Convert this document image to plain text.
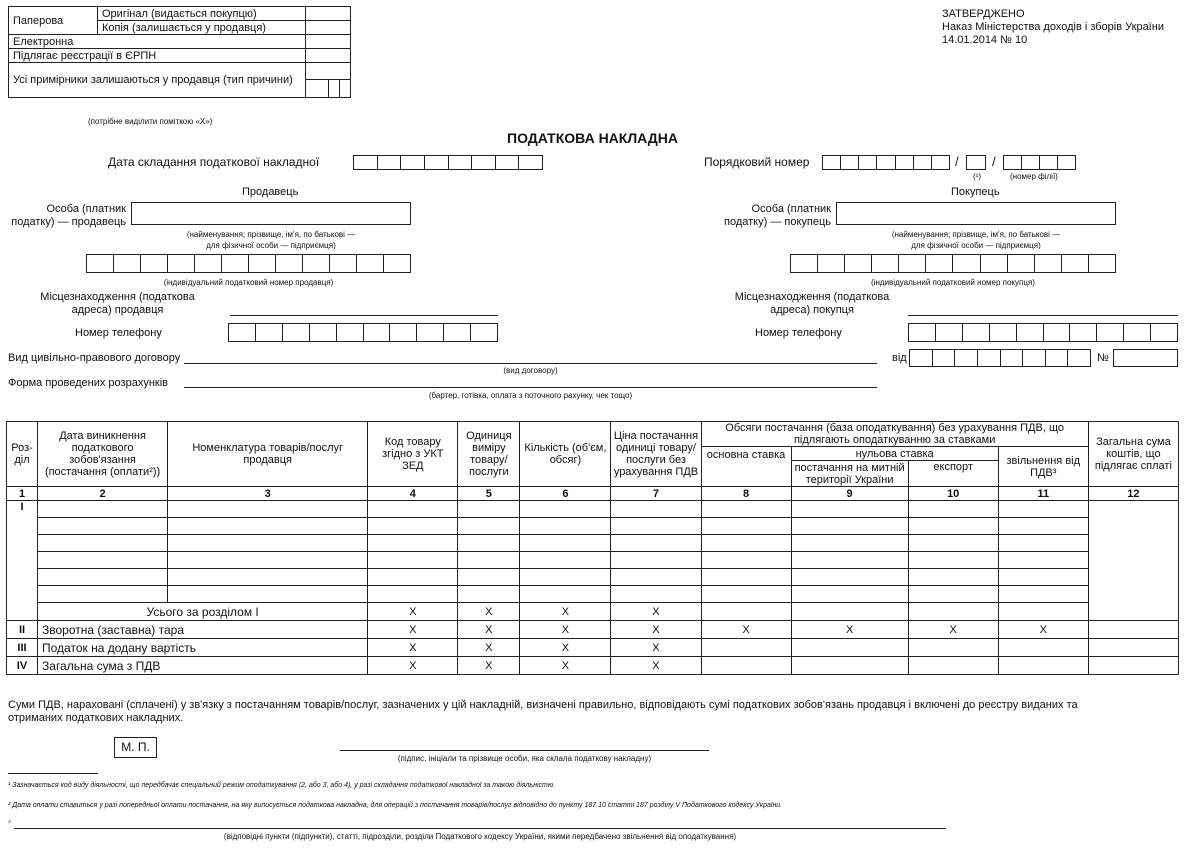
Паперова	Оригінал (видається покупцю)	
	Копія (залишається у продавця)	
Електронна		
Підлягає реєстрації в ЄРПН		
Усі примірники залишаються у продавця (тип причини)		

(потрібне виділити поміткою «Х»)
ЗАТВЕРДЖЕНО
Наказ Міністерства доходів і зборів України
14.01.2014 № 10
ПОДАТКОВА НАКЛАДНА
Дата складання податкової накладної	Порядковий номер	/	/
(¹)	(номер філії)
Продавець
Особа (платник податку) — продавець
(найменування; прізвище, ім'я, по батькові —
для фізичної особи — підприємця)
(індивідуальний податковий номер продавця)
Місцезнаходження (податкова адреса) продавця
Номер телефону
Покупець
Особа (платник податку) — покупець
(найменування; прізвище, ім'я, по батькові —
для фізичної особи — підприємця)
(індивідуальний податковий номер покупця)
Місцезнаходження (податкова адреса) покупця
Номер телефону
Вид цивільно-правового договору
(вид договору)
від	№
Форма проведених розрахунків
(бартер, готівка, оплата з поточного рахунку, чек тощо)
Роз-діл	Дата виникнення податкового зобов'язання (постачання (оплати²))	Номенклатура товарів/послуг продавця	Код товару згідно з УКТ ЗЕД	Одиниця виміру товару/ послуги	Кількість (об'єм, обсяг)	Ціна постачання одиниці товару/ послуги без урахування ПДВ	Обсяги постачання (база оподаткування) без урахування ПДВ, що підлягають оподаткуванню за ставками				Загальна сума коштів, що підлягає сплаті
							основна ставка	нульова ставка		звільнення від ПДВ³	
								постачання на митній території України	експорт		
1	2	3	4	5	6	7	8	9	10	11	12
I											

	Усього за розділом I		X	X	X	X					
II	Зворотна (заставна) тара		X	X	X	X	X	X	X	X	
III	Податок на додану вартість		X	X	X	X					
IV	Загальна сума з ПДВ		X	X	X	X					
Суми ПДВ, нараховані (сплачені) у зв'язку з постачанням товарів/послуг, зазначених у цій накладній, визначені правильно, відповідають сумі податкових зобов'язань продавця і включені до реєстру виданих та отриманих податкових накладних.
М. П.
(підпис, ініціали та прізвище особи, яка склала податкову накладну)
¹ Зазначається код виду діяльності, що передбачає спеціальний режим оподаткування (2, або 3, або 4), у разі складання податкової накладної за такою діяльністю.
² Дата оплати ставиться у разі попередньої оплати постачання, на яку виписується податкова накладна, для операцій з постачання товарів/послуг відповідно до пункту 187.10 статті 187 розділу V Податкового кодексу України.
³
(відповідні пункти (підпункти), статті, підрозділи, розділи Податкового кодексу України, якими передбачено звільнення від оподаткування)
